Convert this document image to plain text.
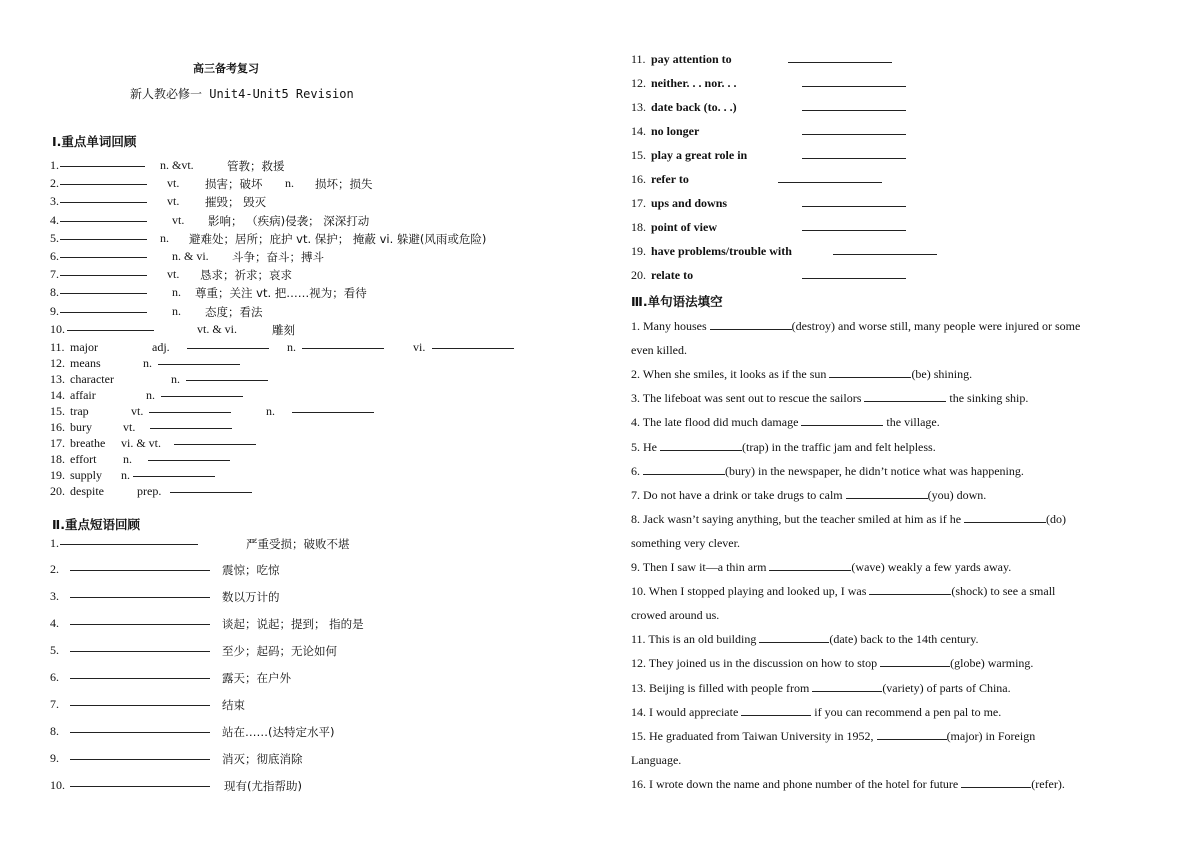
高三备考复习
新人教必修一 Unit4-Unit5 Revision
Ⅰ.重点单词回顾
1.	n. &vt.	管教；救援
2.	vt. 损害；破坏 n. 损坏；损失
3.	vt. 摧毁； 毁灭
4.	vt. 影响； （疾病)侵袭； 深深打动
5.	n. 避难处；居所；庇护 vt. 保护； 掩蔽 vi. 躲避(风雨或危险)
6.	n. & vi. 斗争；奋斗；搏斗
7.	vt. 恳求；祈求；哀求
8.	n. 尊重；关注 vt. 把……视为；看待
9.	n. 态度；看法
10.	vt. & vi.	雕刻
11. major	adj.	n.	vi.
12. means	n.
13. character	n.
14. affair	n.
15. trap	vt.	n.
16. bury	vt.
17. breathe vi. & vt.
18. effort n.
19. supply n.
20. despite	prep.
Ⅱ.重点短语回顾
1.	严重受损；破败不堪
2.	震惊；吃惊
3.	数以万计的
4.	谈起；说起；提到； 指的是
5.	至少；起码；无论如何
6.	露天；在户外
7.	结束
8.	站在……(达特定水平)
9.	消灭；彻底消除
10.	现有(尤指帮助)
11. pay attention to
12. neither. . . nor. . .
13. date back (to. . .)
14. no longer
15. play a great role in
16. refer to
17. ups and downs
18. point of view
19. have problems/trouble with
20. relate to
Ⅲ.单句语法填空
1. Many houses	(destroy) and worse still, many people were injured or some
even killed.
2. When she smiles, it looks as if the sun	(be) shining.
3. The lifeboat was sent out to rescue the sailors	the sinking ship.
4. The late flood did much damage	the village.
5. He	(trap) in the traffic jam and felt helpless.
6.	(bury) in the newspaper, he didn’t notice what was happening.
7. Do not have a drink or take drugs to calm	(you) down.
8. Jack wasn’t saying anything, but the teacher smiled at him as if he	(do)
something very clever.
9. Then I saw it—a thin arm	(wave) weakly a few yards away.
10. When I stopped playing and looked up, I was	(shock) to see a small
crowed around us.
11. This is an old building	(date) back to the 14th century.
12. They joined us in the discussion on how to stop	(globe) warming.
13. Beijing is filled with people from	(variety) of parts of China.
14. I would appreciate	if you can recommend a pen pal to me.
15. He graduated from Taiwan University in 1952,	(major) in Foreign
Language.
16. I wrote down the name and phone number of the hotel for future	(refer).
